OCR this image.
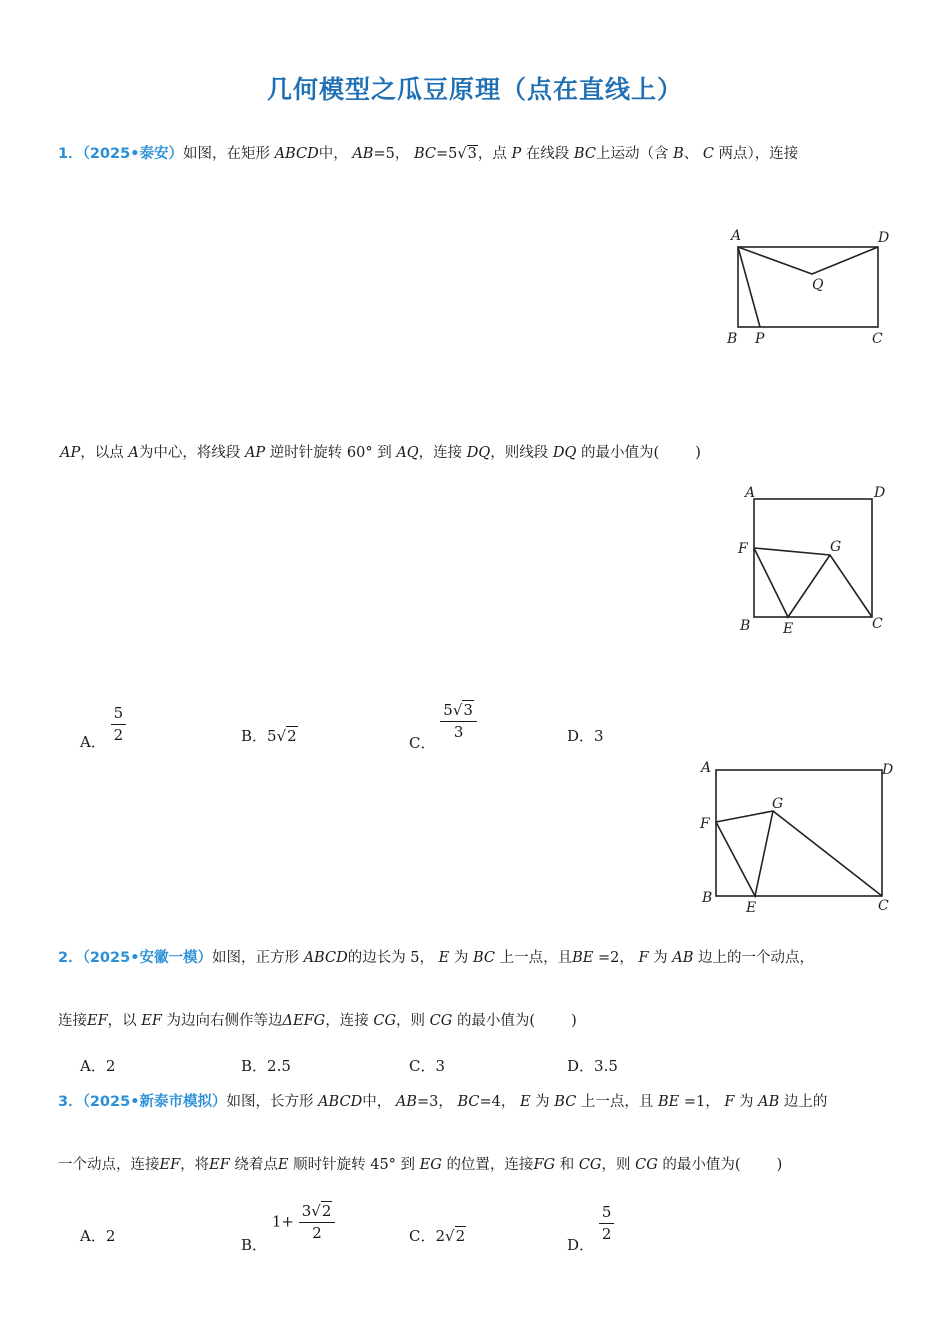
几何模型之瓜豆原理（点在直线上）
1．（2025•泰安）如图，在矩形 ABCD中， AB=5， BC=5√3，点 P 在线段 BC上运动（含 B、 C 两点），连接
A	D
Q
B P	C
AP，以点 A为中心，将线段 AP 逆时针旋转 60° 到 AQ，连接 DQ，则线段 DQ 的最小值为( )
A	D
F	G
B E	C
A． $\frac{5}{2}$	B．5√2	C．
$\frac{5√3}{3}$	D．3
A	D
F
G
B
E	C
2．（2025•安徽一模）如图，正方形 ABCD的边长为 5， E 为 BC 上一点，且BE =2， F 为 AB 边上的一个动点，
连接EF，以 EF 为边向右侧作等边ΔEFG，连接 CG，则 CG 的最小值为( )
A．2	B．2.5	C．3	D．3.5
3．（2025•新泰市模拟）如图，长方形 ABCD中， AB=3， BC=4， E 为 BC 上一点，且 BE =1， F 为 AB 边上的
一个动点，连接EF，将EF 绕着点E 顺时针旋转 45° 到 EG 的位置，连接FG 和 CG，则 CG 的最小值为( )
A．2	B． $1+ \frac{3√2}{2}$	C．2√2	D．
$\frac{5}{2}$
